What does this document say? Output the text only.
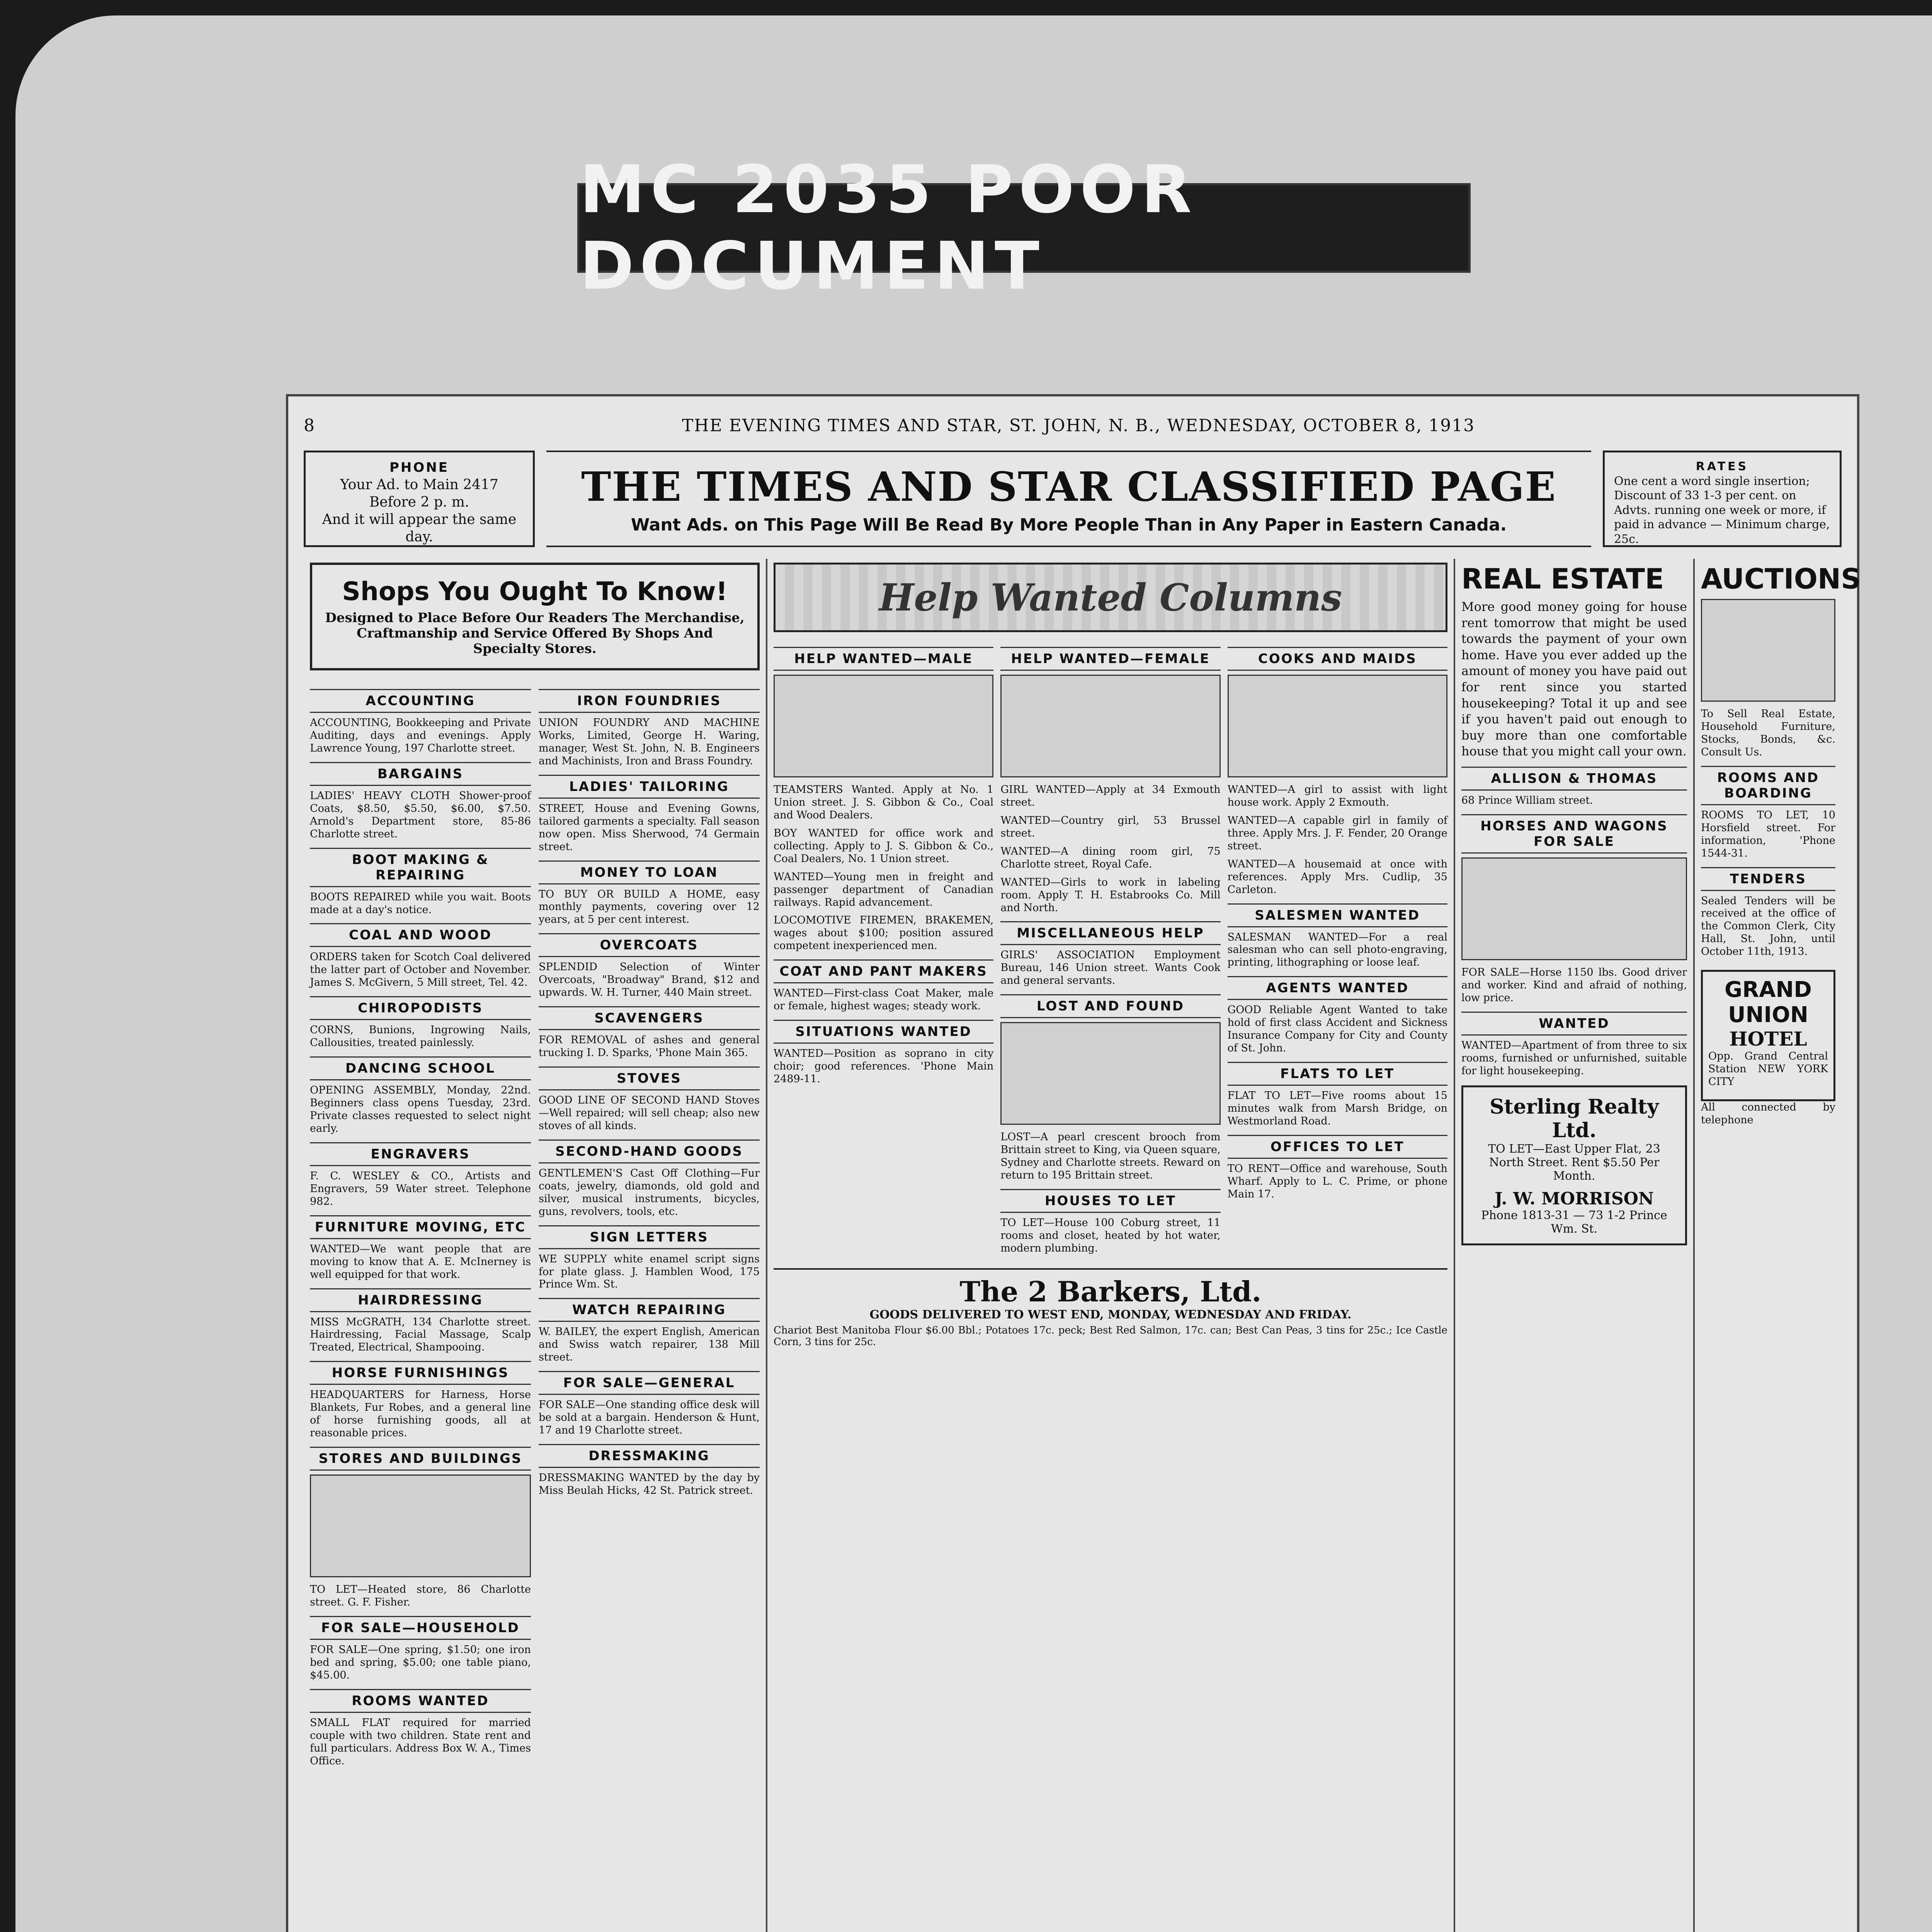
MC 2035 POOR DOCUMENT
8	THE EVENING TIMES AND STAR, ST. JOHN, N. B., WEDNESDAY, OCTOBER 8, 1913
PHONE
Your Ad. to Main 2417
Before 2 p. m.
And it will appear the same day.
THE TIMES AND STAR CLASSIFIED PAGE
Want Ads. on This Page Will Be Read By More People Than in Any Paper in Eastern Canada.
RATES
One cent a word single insertion; Discount of 33 1-3 per cent. on Advts. running one week or more, if paid in advance — Minimum charge, 25c.
Shops You Ought To Know!
Designed to Place Before Our Readers The Merchandise, Craftmanship and Service Offered By Shops And Specialty Stores.
ACCOUNTING
ACCOUNTING, Bookkeeping and Private Auditing, days and evenings. Apply Lawrence Young, 197 Charlotte street.
BARGAINS
LADIES' HEAVY CLOTH Shower-proof Coats, $8.50, $5.50, $6.00, $7.50. Arnold's Department store, 85-86 Charlotte street.
BOOT MAKING & REPAIRING
BOOTS REPAIRED while you wait. Boots made at a day's notice.
COAL AND WOOD
ORDERS taken for Scotch Coal delivered the latter part of October and November. James S. McGivern, 5 Mill street, Tel. 42.
CHIROPODISTS
CORNS, Bunions, Ingrowing Nails, Callousities, treated painlessly.
DANCING SCHOOL
OPENING ASSEMBLY, Monday, 22nd. Beginners class opens Tuesday, 23rd. Private classes requested to select night early.
ENGRAVERS
F. C. WESLEY & CO., Artists and Engravers, 59 Water street. Telephone 982.
FURNITURE MOVING, ETC
WANTED—We want people that are moving to know that A. E. McInerney is well equipped for that work.
HAIRDRESSING
MISS McGRATH, 134 Charlotte street. Hairdressing, Facial Massage, Scalp Treated, Electrical, Shampooing.
HORSE FURNISHINGS
HEADQUARTERS for Harness, Horse Blankets, Fur Robes, and a general line of horse furnishing goods, all at reasonable prices.
STORES AND BUILDINGS
TO LET—Heated store, 86 Charlotte street. G. F. Fisher.
FOR SALE—HOUSEHOLD
FOR SALE—One spring, $1.50; one iron bed and spring, $5.00; one table piano, $45.00.
ROOMS WANTED
SMALL FLAT required for married couple with two children. State rent and full particulars. Address Box W. A., Times Office.
IRON FOUNDRIES
UNION FOUNDRY AND MACHINE Works, Limited, George H. Waring, manager, West St. John, N. B. Engineers and Machinists, Iron and Brass Foundry.
LADIES' TAILORING
STREET, House and Evening Gowns, tailored garments a specialty. Fall season now open. Miss Sherwood, 74 Germain street.
MONEY TO LOAN
TO BUY OR BUILD A HOME, easy monthly payments, covering over 12 years, at 5 per cent interest.
OVERCOATS
SPLENDID Selection of Winter Overcoats, "Broadway" Brand, $12 and upwards. W. H. Turner, 440 Main street.
SCAVENGERS
FOR REMOVAL of ashes and general trucking I. D. Sparks, 'Phone Main 365.
STOVES
GOOD LINE OF SECOND HAND Stoves—Well repaired; will sell cheap; also new stoves of all kinds.
SECOND-HAND GOODS
GENTLEMEN'S Cast Off Clothing—Fur coats, jewelry, diamonds, old gold and silver, musical instruments, bicycles, guns, revolvers, tools, etc.
SIGN LETTERS
WE SUPPLY white enamel script signs for plate glass. J. Hamblen Wood, 175 Prince Wm. St.
WATCH REPAIRING
W. BAILEY, the expert English, American and Swiss watch repairer, 138 Mill street.
FOR SALE—GENERAL
FOR SALE—One standing office desk will be sold at a bargain. Henderson & Hunt, 17 and 19 Charlotte street.
DRESSMAKING
DRESSMAKING WANTED by the day by Miss Beulah Hicks, 42 St. Patrick street.
Help Wanted Columns
HELP WANTED—MALE
TEAMSTERS Wanted. Apply at No. 1 Union street. J. S. Gibbon & Co., Coal and Wood Dealers.
BOY WANTED for office work and collecting. Apply to J. S. Gibbon & Co., Coal Dealers, No. 1 Union street.
WANTED—Young men in freight and passenger department of Canadian railways. Rapid advancement.
LOCOMOTIVE FIREMEN, BRAKEMEN, wages about $100; position assured competent inexperienced men.
COAT AND PANT MAKERS
WANTED—First-class Coat Maker, male or female, highest wages; steady work.
SITUATIONS WANTED
WANTED—Position as soprano in city choir; good references. 'Phone Main 2489-11.
HELP WANTED—FEMALE
GIRL WANTED—Apply at 34 Exmouth street.
WANTED—Country girl, 53 Brussel street.
WANTED—A dining room girl, 75 Charlotte street, Royal Cafe.
WANTED—Girls to work in labeling room. Apply T. H. Estabrooks Co. Mill and North.
MISCELLANEOUS HELP
GIRLS' ASSOCIATION Employment Bureau, 146 Union street. Wants Cook and general servants.
LOST AND FOUND
LOST—A pearl crescent brooch from Brittain street to King, via Queen square, Sydney and Charlotte streets. Reward on return to 195 Brittain street.
HOUSES TO LET
TO LET—House 100 Coburg street, 11 rooms and closet, heated by hot water, modern plumbing.
COOKS AND MAIDS
WANTED—A girl to assist with light house work. Apply 2 Exmouth.
WANTED—A capable girl in family of three. Apply Mrs. J. F. Fender, 20 Orange street.
WANTED—A housemaid at once with references. Apply Mrs. Cudlip, 35 Carleton.
SALESMEN WANTED
SALESMAN WANTED—For a real salesman who can sell photo-engraving, printing, lithographing or loose leaf.
AGENTS WANTED
GOOD Reliable Agent Wanted to take hold of first class Accident and Sickness Insurance Company for City and County of St. John.
FLATS TO LET
FLAT TO LET—Five rooms about 15 minutes walk from Marsh Bridge, on Westmorland Road.
OFFICES TO LET
TO RENT—Office and warehouse, South Wharf. Apply to L. C. Prime, or phone Main 17.
The 2 Barkers, Ltd.
GOODS DELIVERED TO WEST END, MONDAY, WEDNESDAY AND FRIDAY.
Chariot Best Manitoba Flour $6.00 Bbl.; Potatoes 17c. peck; Best Red Salmon, 17c. can; Best Can Peas, 3 tins for 25c.; Ice Castle Corn, 3 tins for 25c.
REAL ESTATE
More good money going for house rent tomorrow that might be used towards the payment of your own home. Have you ever added up the amount of money you have paid out for rent since you started housekeeping? Total it up and see if you haven't paid out enough to buy more than one comfortable house that you might call your own.
ALLISON & THOMAS
68 Prince William street.
HORSES AND WAGONS FOR SALE
FOR SALE—Horse 1150 lbs. Good driver and worker. Kind and afraid of nothing, low price.
WANTED
WANTED—Apartment of from three to six rooms, furnished or unfurnished, suitable for light housekeeping.
Sterling Realty Ltd.
TO LET—East Upper Flat, 23 North Street. Rent $5.50 Per Month.
J. W. MORRISON
Phone 1813-31 — 73 1-2 Prince Wm. St.
AUCTIONS
To Sell Real Estate, Household Furniture, Stocks, Bonds, &c. Consult Us.
ROOMS AND BOARDING
ROOMS TO LET, 10 Horsfield street. For information, 'Phone 1544-31.
TENDERS
Sealed Tenders will be received at the office of the Common Clerk, City Hall, St. John, until October 11th, 1913.
GRAND UNION
HOTEL
Opp. Grand Central Station NEW YORK CITY
All connected by telephone
